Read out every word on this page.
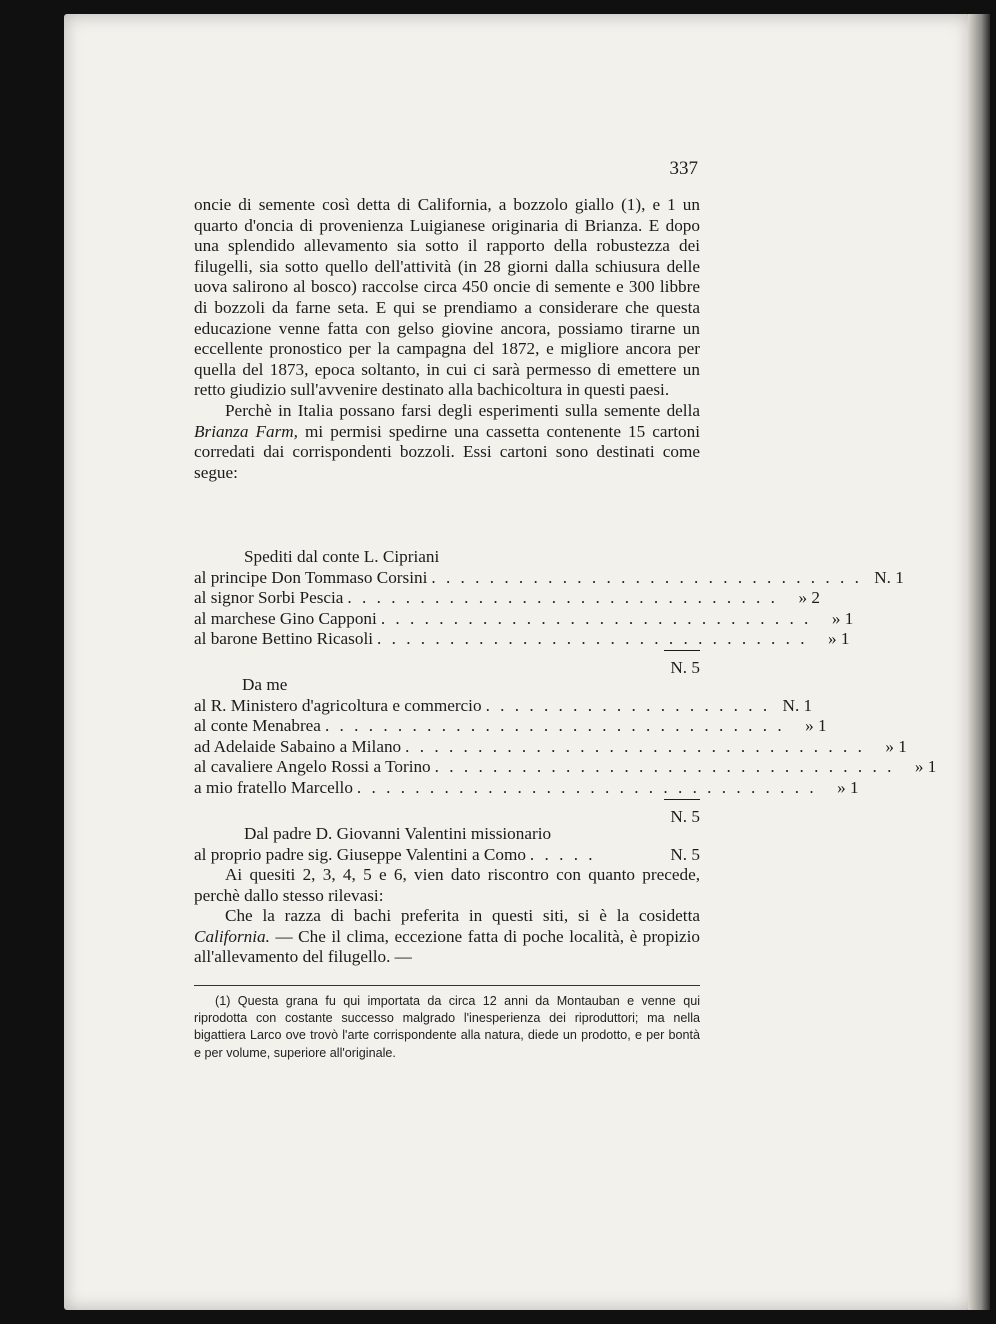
337

oncie di semente così detta di California, a bozzolo giallo (1), e 1 un quarto d'oncia di provenienza Luigianese originaria di Brianza. E dopo una splendido allevamento sia sotto il rapporto della robustezza dei filugelli, sia sotto quello dell'attività (in 28 giorni dalla schiusura delle uova salirono al bosco) raccolse circa 450 oncie di semente e 300 libbre di bozzoli da farne seta. E qui se prendiamo a considerare che questa educazione venne fatta con gelso giovine ancora, possiamo tirarne un eccellente pronostico per la campagna del 1872, e migliore ancora per quella del 1873, epoca soltanto, in cui ci sarà permesso di emettere un retto giudizio sull'avvenire destinato alla bachicoltura in questi paesi.

Perchè in Italia possano farsi degli esperimenti sulla semente della Brianza Farm, mi permisi spedirne una cassetta contenente 15 cartoni corredati dai corrispondenti bozzoli. Essi cartoni sono destinati come segue:

Spediti dal conte L. Cipriani
al principe Don Tommaso Corsini . . . . . . . . . . . . . . . . . . . . . . . . . . . . . . N. 1
al signor Sorbi Pescia . . . . . . . . . . . . . . . . . . . . . . . . . . . . . .	» 2
al marchese Gino Capponi . . . . . . . . . . . . . . . . . . . . . . . . . . . . . .	» 1
al barone Bettino Ricasoli . . . . . . . . . . . . . . . . . . . . . . . . . . . . . .	» 1
N. 5
Da me
al R. Ministero d'agricoltura e commercio . . . . . . . . . . . . . . . . . . . . N. 1
al conte Menabrea . . . . . . . . . . . . . . . . . . . . . . . . . . . . . . . .	» 1
ad Adelaide Sabaino a Milano . . . . . . . . . . . . . . . . . . . . . . . . . . . . . . . .	» 1
al cavaliere Angelo Rossi a Torino . . . . . . . . . . . . . . . . . . . . . . . . . . . . . . . .	» 1
a mio fratello Marcello . . . . . . . . . . . . . . . . . . . . . . . . . . . . . . . .	» 1
N. 5
Dal padre D. Giovanni Valentini missionario
al proprio padre sig. Giuseppe Valentini a Como . . . . .	N. 5

Ai quesiti 2, 3, 4, 5 e 6, vien dato riscontro con quanto precede, perchè dallo stesso rilevasi:

Che la razza di bachi preferita in questi siti, si è la cosidetta California. — Che il clima, eccezione fatta di poche località, è propizio all'allevamento del filugello. —

(1) Questa grana fu qui importata da circa 12 anni da Montauban e venne qui riprodotta con costante successo malgrado l'inesperienza dei riproduttori; ma nella bigattiera Larco ove trovò l'arte corrispondente alla natura, diede un prodotto, e per bontà e per volume, superiore all'originale.
